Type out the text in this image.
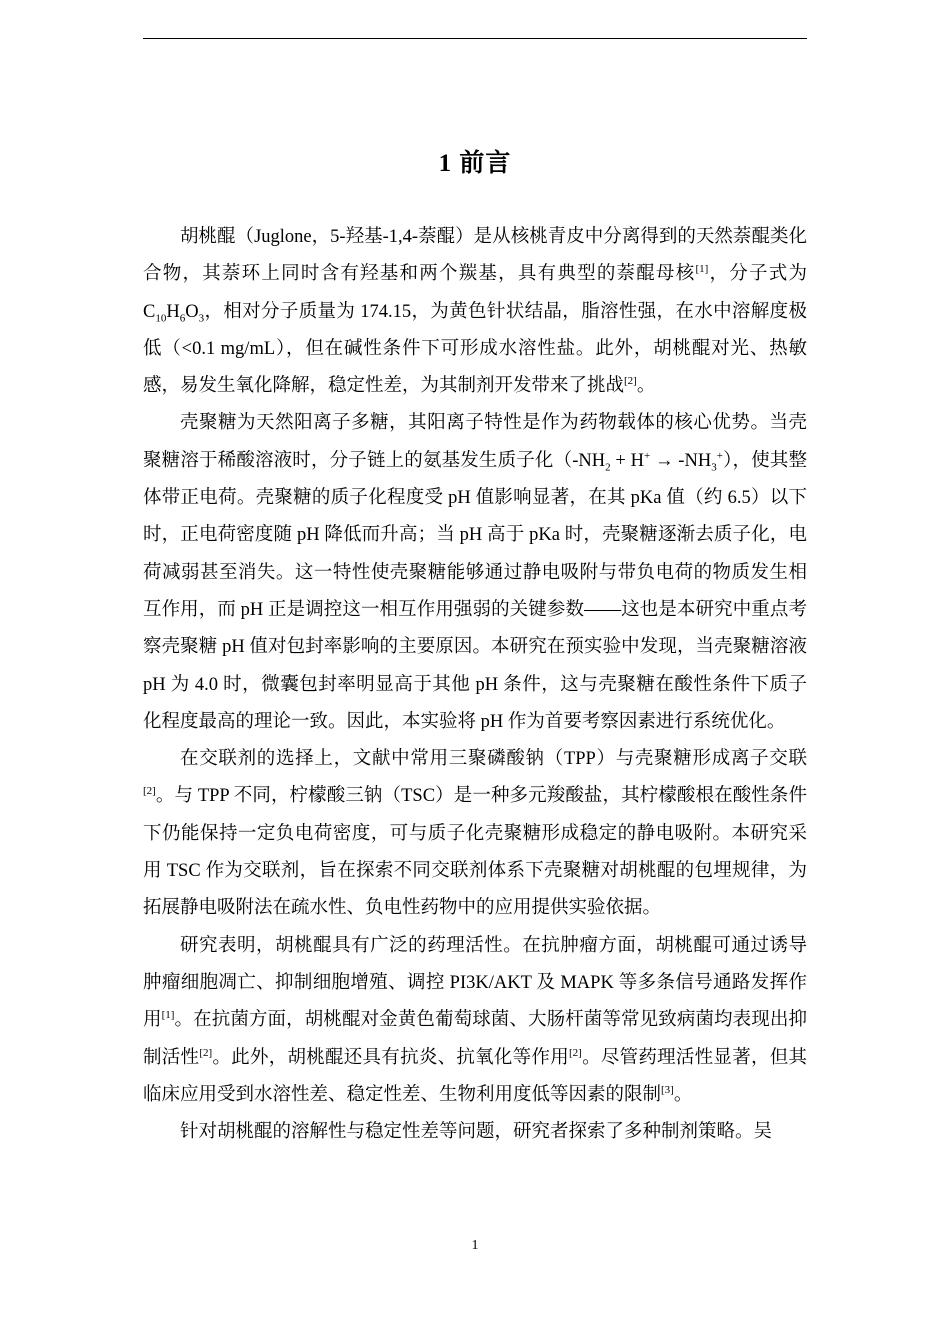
1 前言

胡桃醌（Juglone，5-羟基-1,4-萘醌）是从核桃青皮中分离得到的天然萘醌类化合物，其萘环上同时含有羟基和两个羰基，具有典型的萘醌母核[1]，分子式为 $C_{10}H_6O_3$，相对分子质量为 174.15，为黄色针状结晶，脂溶性强，在水中溶解度极低（<0.1 mg/mL），但在碱性条件下可形成水溶性盐。此外，胡桃醌对光、热敏感，易发生氧化降解，稳定性差，为其制剂开发带来了挑战[2]。

壳聚糖为天然阳离子多糖，其阳离子特性是作为药物载体的核心优势。当壳聚糖溶于稀酸溶液时，分子链上的氨基发生质子化$(-NH_2 + H^+ \to -NH_3^+)$，使其整体带正电荷。壳聚糖的质子化程度受 pH 值影响显著，在其 pKa 值（约 6.5）以下时，正电荷密度随 pH 降低而升高；当 pH 高于 pKa 时，壳聚糖逐渐去质子化，电荷减弱甚至消失。这一特性使壳聚糖能够通过静电吸附与带负电荷的物质发生相互作用，而 pH 正是调控这一相互作用强弱的关键参数——这也是本研究中重点考察壳聚糖 pH 值对包封率影响的主要原因。本研究在预实验中发现，当壳聚糖溶液 pH 为 4.0 时，微囊包封率明显高于其他 pH 条件，这与壳聚糖在酸性条件下质子化程度最高的理论一致。因此，本实验将 pH 作为首要考察因素进行系统优化。

在交联剂的选择上，文献中常用三聚磷酸钠（TPP）与壳聚糖形成离子交联[2]。与 TPP 不同，柠檬酸三钠（TSC）是一种多元羧酸盐，其柠檬酸根在酸性条件下仍能保持一定负电荷密度，可与质子化壳聚糖形成稳定的静电吸附。本研究采用 TSC 作为交联剂，旨在探索不同交联剂体系下壳聚糖对胡桃醌的包埋规律，为拓展静电吸附法在疏水性、负电性药物中的应用提供实验依据。

研究表明，胡桃醌具有广泛的药理活性。在抗肿瘤方面，胡桃醌可通过诱导肿瘤细胞凋亡、抑制细胞增殖、调控 PI3K/AKT 及 MAPK 等多条信号通路发挥作用[1]。在抗菌方面，胡桃醌对金黄色葡萄球菌、大肠杆菌等常见致病菌均表现出抑制活性[2]。此外，胡桃醌还具有抗炎、抗氧化等作用[2]。尽管药理活性显著，但其临床应用受到水溶性差、稳定性差、生物利用度低等因素的限制[3]。

针对胡桃醌的溶解性与稳定性差等问题，研究者探索了多种制剂策略。吴

1
